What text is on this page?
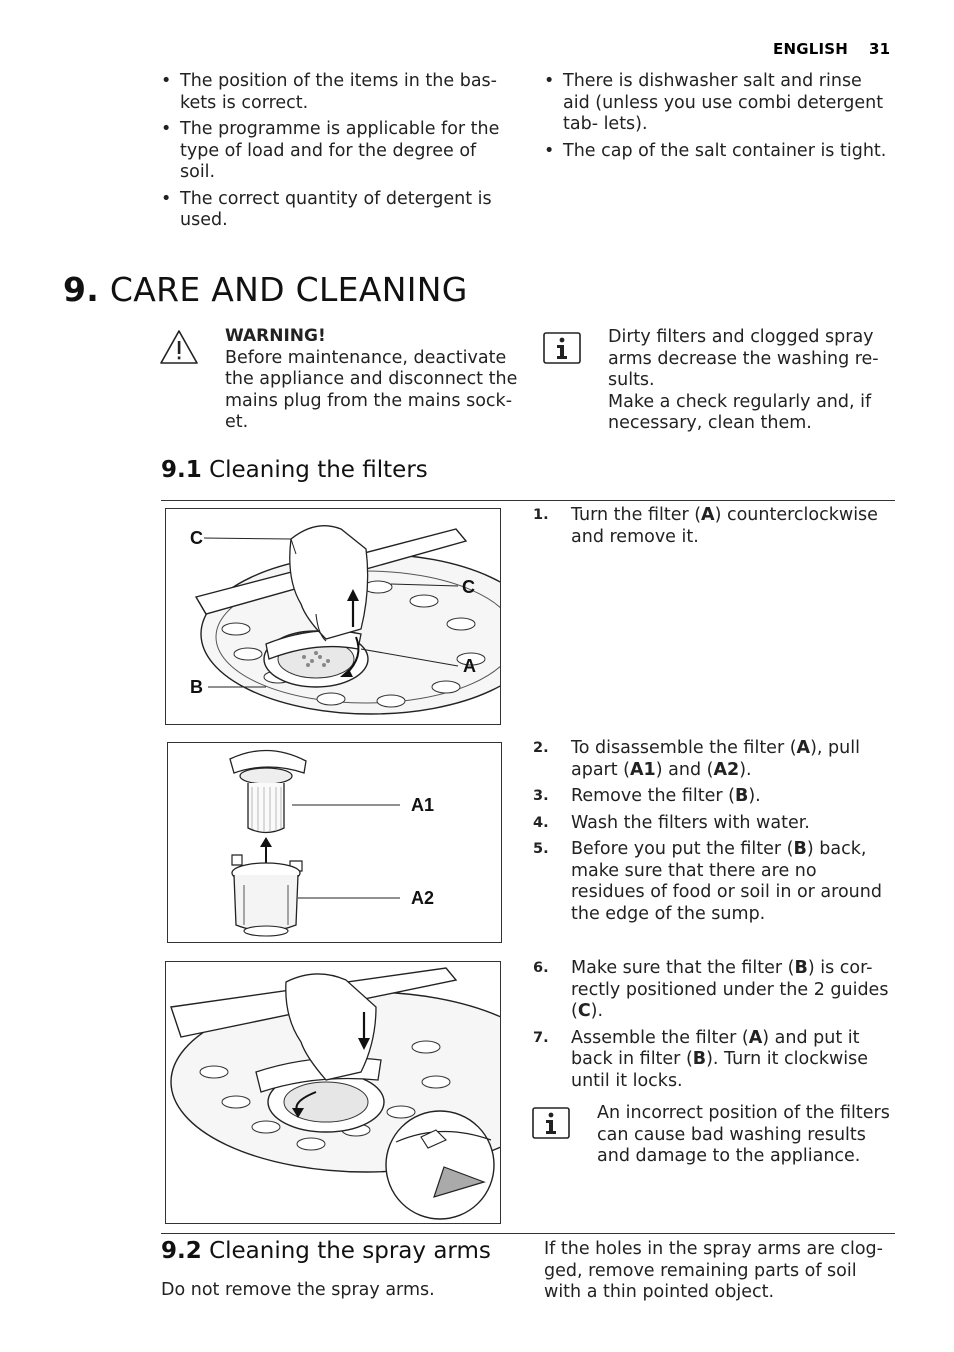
ENGLISH 31
• The position of the items in the bas- kets is correct.
• The programme is applicable for the type of load and for the degree of soil.
• The correct quantity of detergent is used.
• There is dishwasher salt and rinse aid (unless you use combi detergent tab- lets).
• The cap of the salt container is tight.
9. CARE AND CLEANING
WARNING!
Before maintenance, deactivate the appliance and disconnect the mains plug from the mains sock- et.
Dirty filters and clogged spray arms decrease the washing re- sults.
Make a check regularly and, if necessary, clean them.
9.1 Cleaning the filters
C
C
A
B
A1
A2
1. Turn the filter (A) counterclockwise and remove it.
2. To disassemble the filter (A), pull apart (A1) and (A2).
3. Remove the filter (B).
4. Wash the filters with water.
5. Before you put the filter (B) back, make sure that there are no residues of food or soil in or around the edge of the sump.
6. Make sure that the filter (B) is cor- rectly positioned under the 2 guides (C).
7. Assemble the filter (A) and put it back in filter (B). Turn it clockwise until it locks.
An incorrect position of the filters can cause bad washing results and damage to the appliance.
9.2 Cleaning the spray arms
Do not remove the spray arms.
If the holes in the spray arms are clog- ged, remove remaining parts of soil with a thin pointed object.
